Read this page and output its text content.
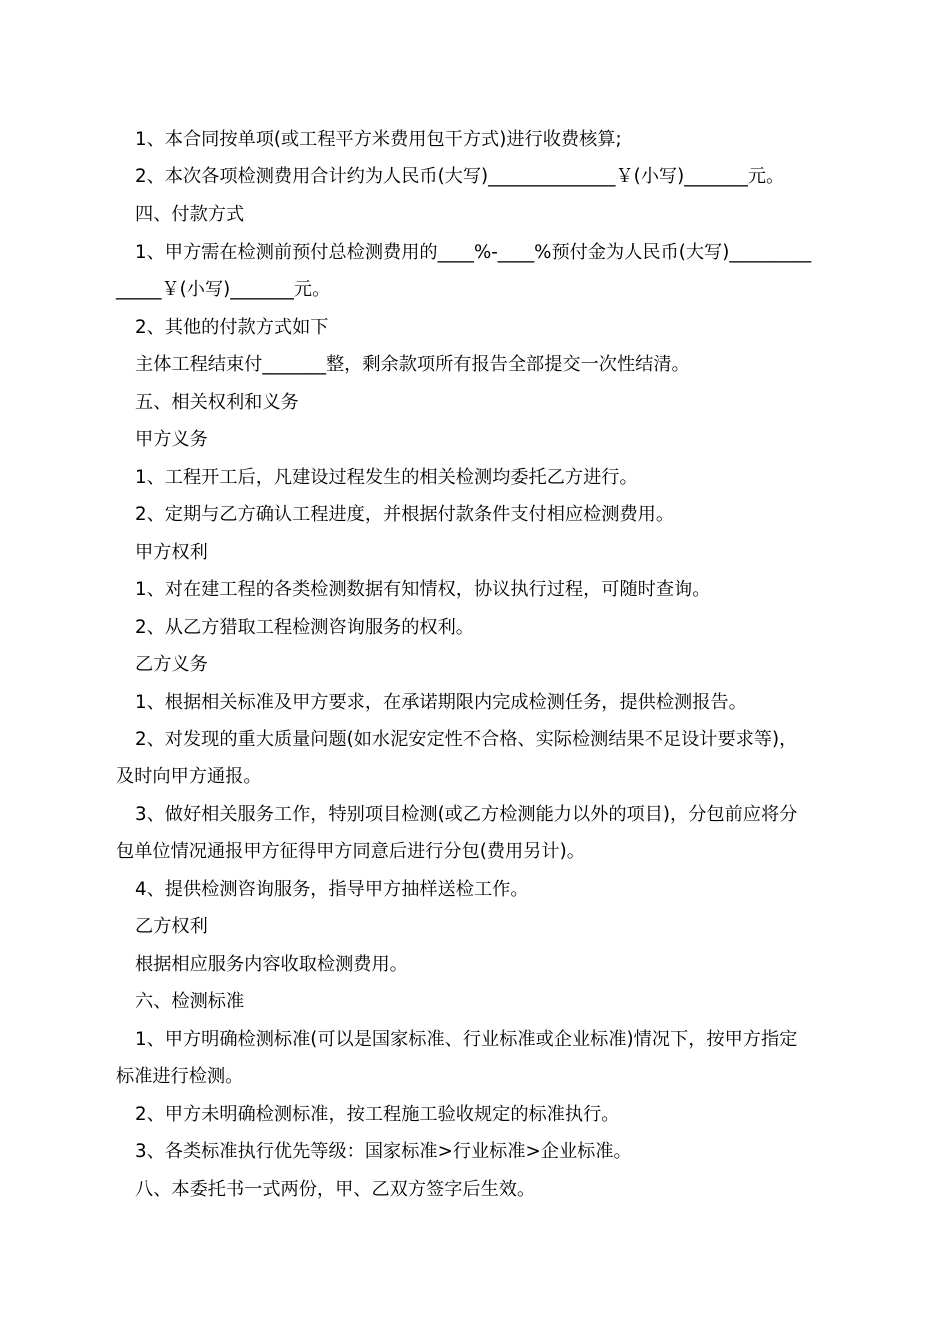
1、本合同按单项(或工程平方米费用包干方式)进行收费核算;
2、本次各项检测费用合计约为人民币(大写)______________￥(小写)_______元。
四、付款方式
1、甲方需在检测前预付总检测费用的____%-____%预付金为人民币(大写)_________
_____￥(小写)_______元。
2、其他的付款方式如下
主体工程结束付_______整，剩余款项所有报告全部提交一次性结清。
五、相关权利和义务
甲方义务
1、工程开工后，凡建设过程发生的相关检测均委托乙方进行。
2、定期与乙方确认工程进度，并根据付款条件支付相应检测费用。
甲方权利
1、对在建工程的各类检测数据有知情权，协议执行过程，可随时查询。
2、从乙方猎取工程检测咨询服务的权利。
乙方义务
1、根据相关标准及甲方要求，在承诺期限内完成检测任务，提供检测报告。
2、对发现的重大质量问题(如水泥安定性不合格、实际检测结果不足设计要求等)，
及时向甲方通报。
3、做好相关服务工作，特别项目检测(或乙方检测能力以外的项目)，分包前应将分
包单位情况通报甲方征得甲方同意后进行分包(费用另计)。
4、提供检测咨询服务，指导甲方抽样送检工作。
乙方权利
根据相应服务内容收取检测费用。
六、检测标准
1、甲方明确检测标准(可以是国家标准、行业标准或企业标准)情况下，按甲方指定
标准进行检测。
2、甲方未明确检测标准，按工程施工验收规定的标准执行。
3、各类标准执行优先等级：国家标准>行业标准>企业标准。
八、本委托书一式两份，甲、乙双方签字后生效。
